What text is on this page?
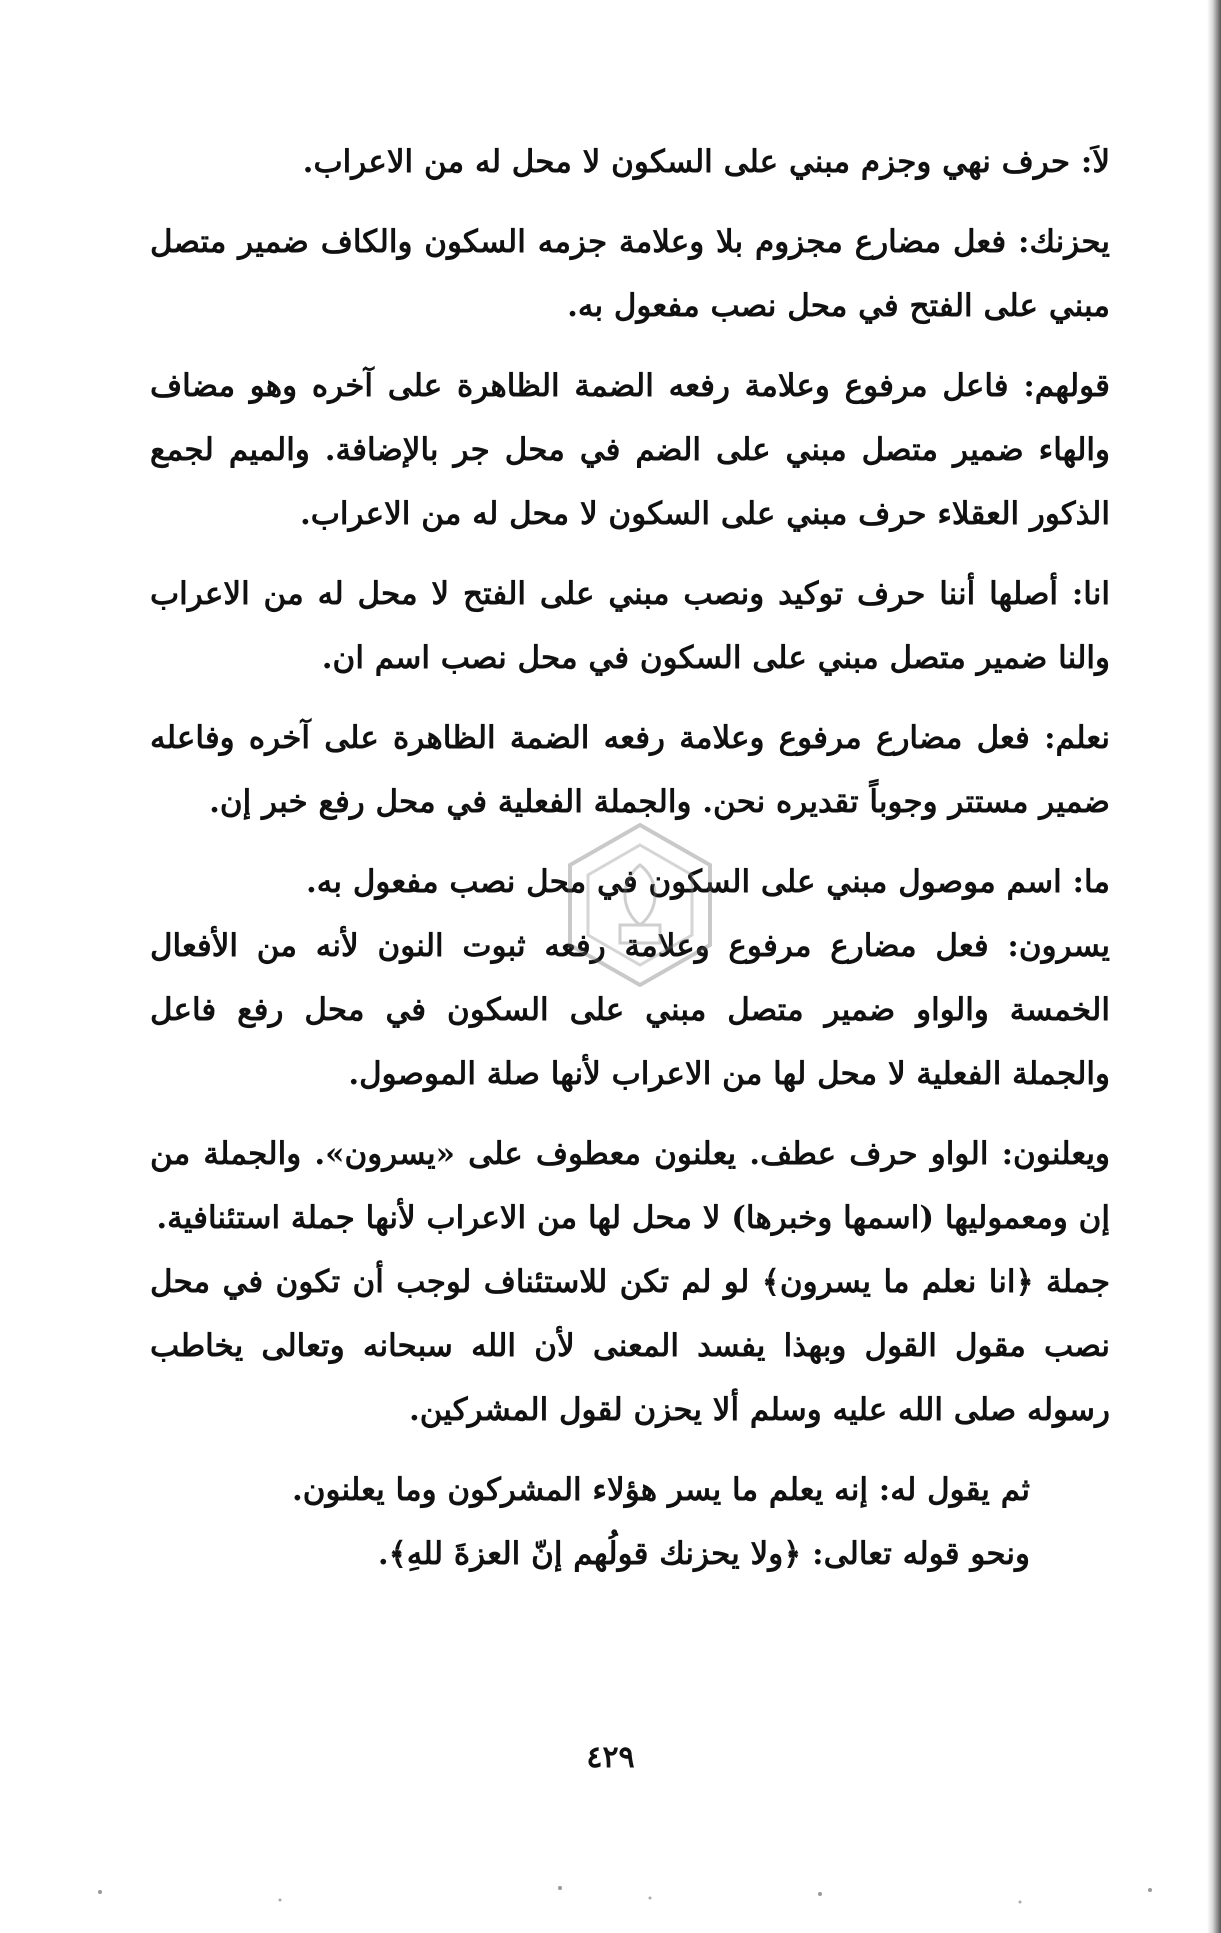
لاَ: حرف نهي وجزم مبني على السكون لا محل له من الاعراب.

يحزنك: فعل مضارع مجزوم بلا وعلامة جزمه السكون والكاف ضمير متصل مبني على الفتح في محل نصب مفعول به.

قولهم: فاعل مرفوع وعلامة رفعه الضمة الظاهرة على آخره وهو مضاف والهاء ضمير متصل مبني على الضم في محل جر بالإضافة. والميم لجمع الذكور العقلاء حرف مبني على السكون لا محل له من الاعراب.

انا: أصلها أننا حرف توكيد ونصب مبني على الفتح لا محل له من الاعراب والنا ضمير متصل مبني على السكون في محل نصب اسم ان.

نعلم: فعل مضارع مرفوع وعلامة رفعه الضمة الظاهرة على آخره وفاعله ضمير مستتر وجوباً تقديره نحن. والجملة الفعلية في محل رفع خبر إن.

ما: اسم موصول مبني على السكون في محل نصب مفعول به.

يسرون: فعل مضارع مرفوع وعلامة رفعه ثبوت النون لأنه من الأفعال الخمسة والواو ضمير متصل مبني على السكون في محل رفع فاعل والجملة الفعلية لا محل لها من الاعراب لأنها صلة الموصول.

ويعلنون: الواو حرف عطف. يعلنون معطوف على «يسرون». والجملة من إن ومعموليها (اسمها وخبرها) لا محل لها من الاعراب لأنها جملة استئنافية.

جملة ﴿انا نعلم ما يسرون﴾ لو لم تكن للاستئناف لوجب أن تكون في محل نصب مقول القول وبهذا يفسد المعنى لأن الله سبحانه وتعالى يخاطب رسوله صلى الله عليه وسلم ألا يحزن لقول المشركين.

ثم يقول له: إنه يعلم ما يسر هؤلاء المشركون وما يعلنون.

ونحو قوله تعالى: ﴿ولا يحزنك قولُهم إنّ العزةَ للهِ﴾.

٤٢٩
